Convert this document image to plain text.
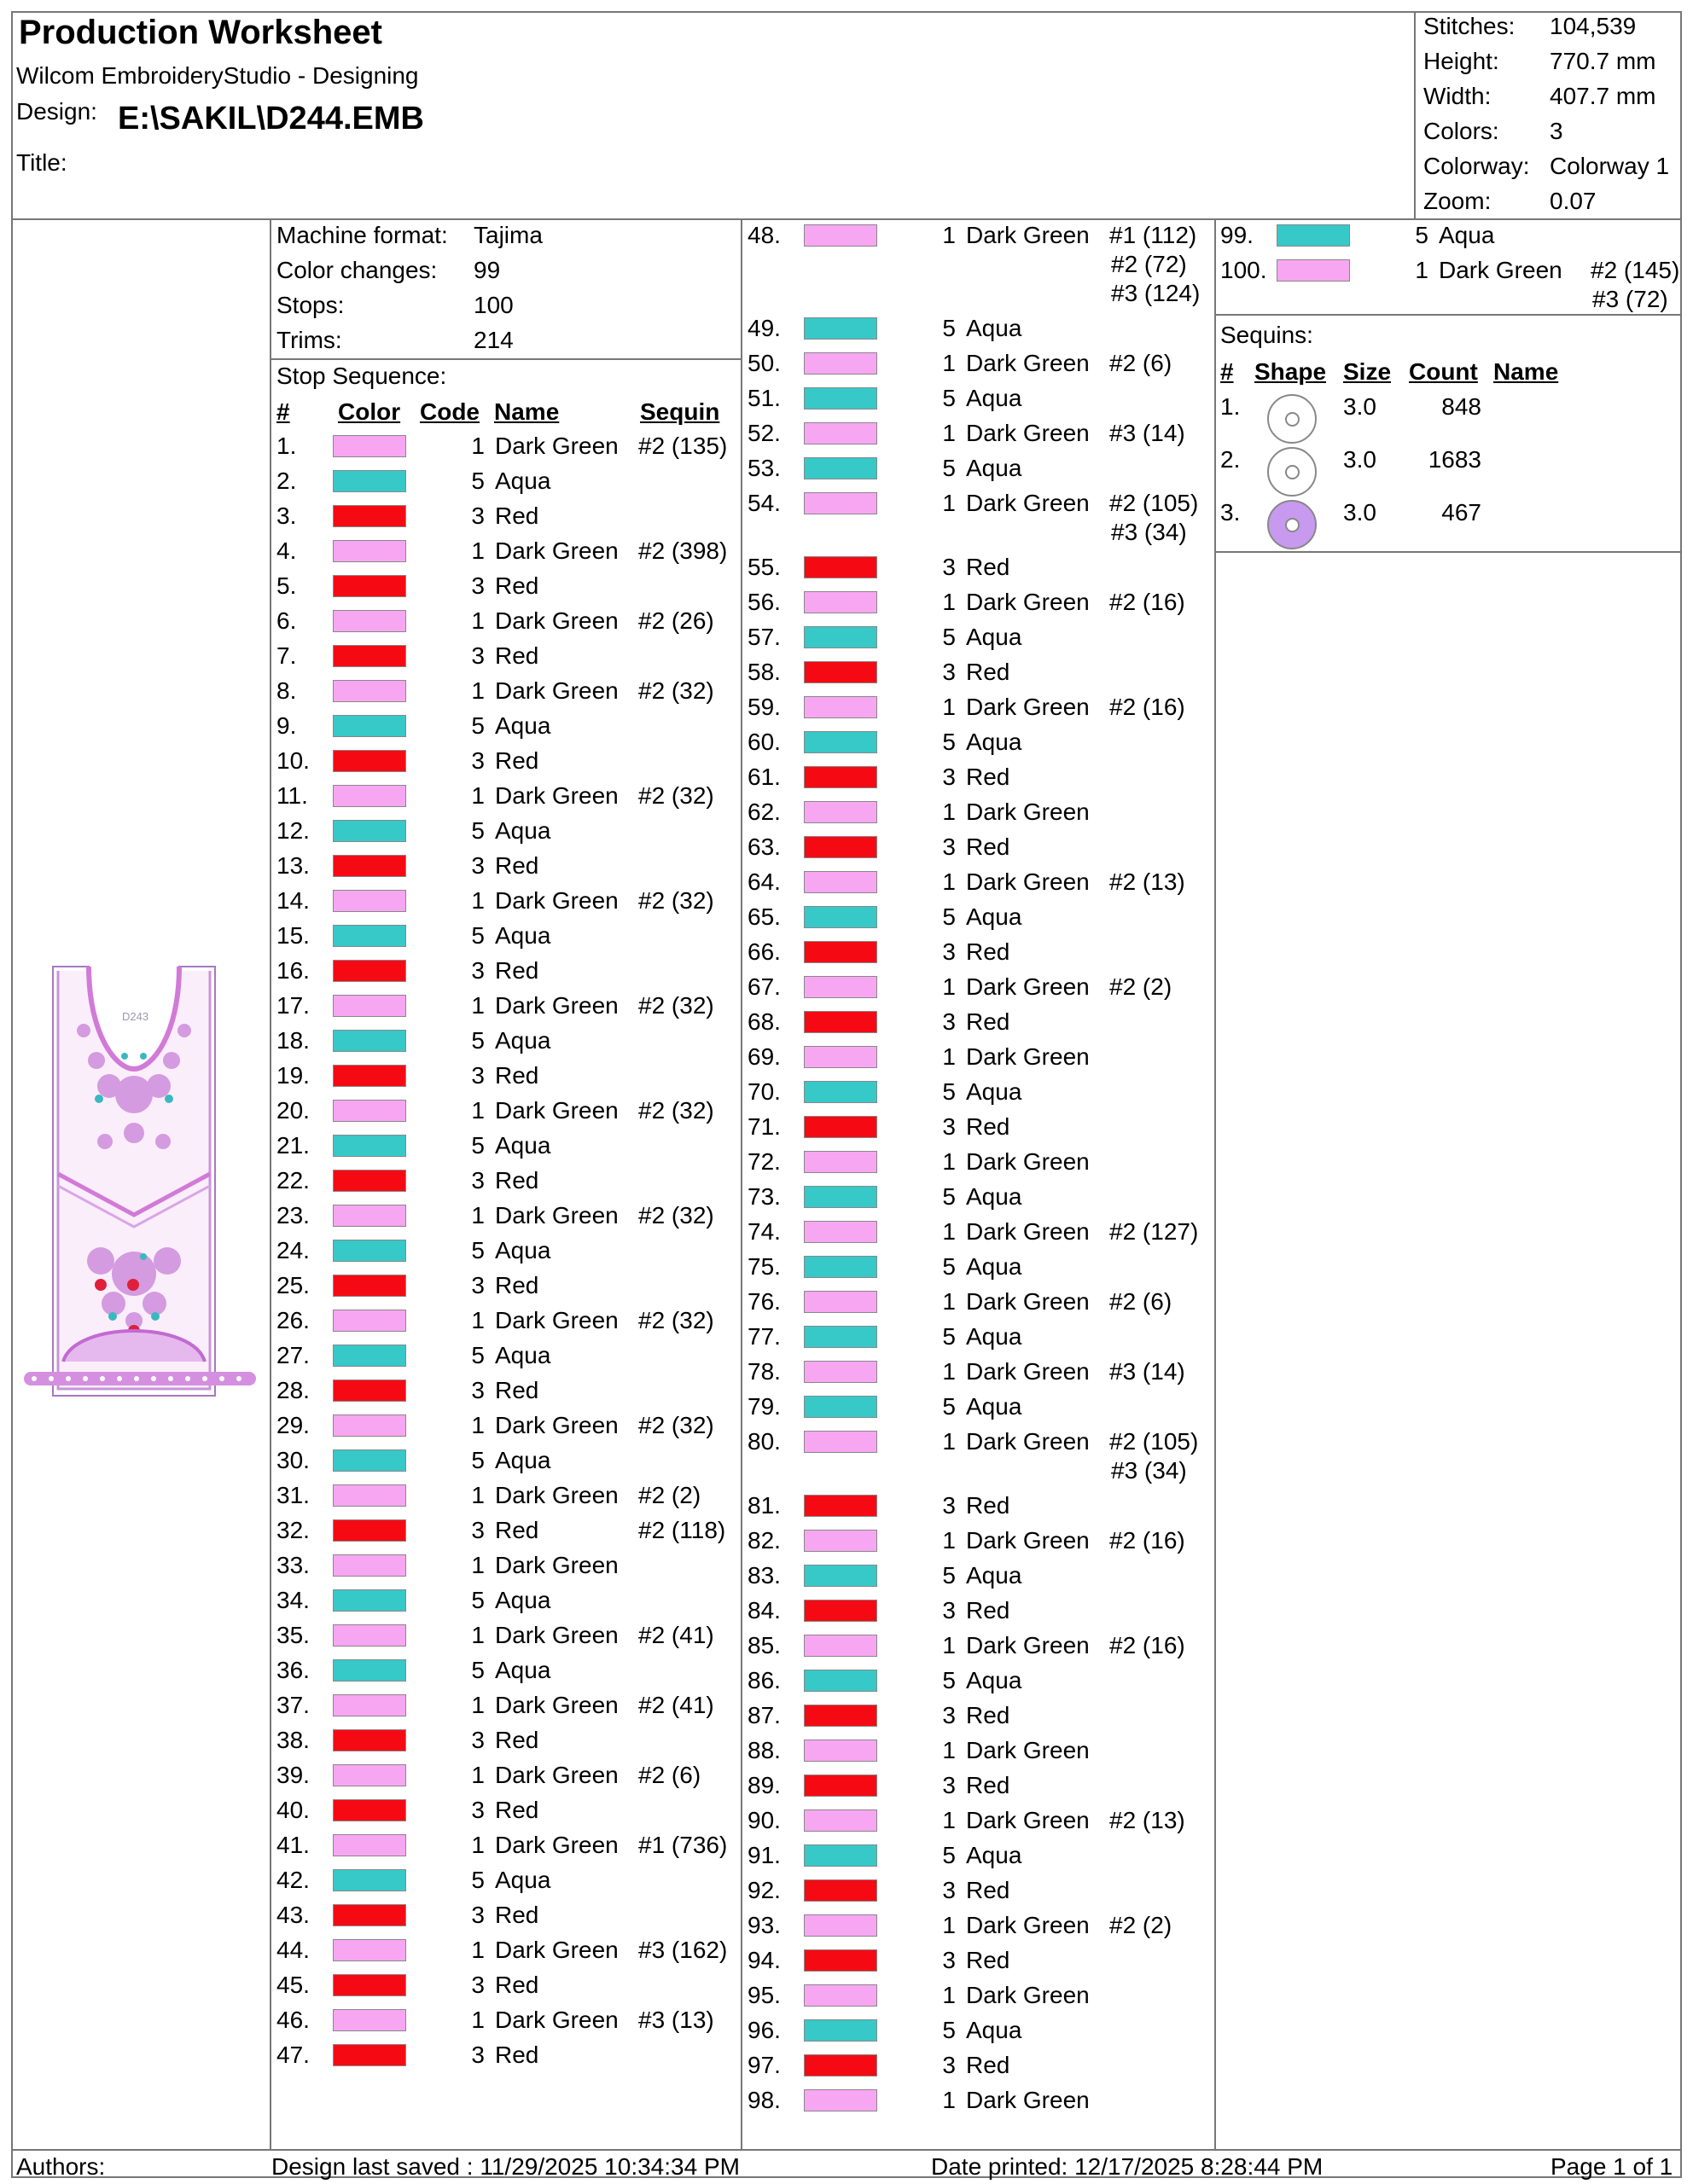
Production Worksheet
Wilcom EmbroideryStudio - Designing
Design: E:\SAKIL\D244.EMB
Title:
Stitches: 104,539
Height: 770.7 mm
Width: 407.7 mm
Colors: 3
Colorway: Colorway 1
Zoom: 0.07
Machine format: Tajima
Color changes: 99
Stops:	100
Trims:	214
Stop Sequence:
# Color Code Name	Sequin
1.	1 Dark Green #2 (135)
2.	5 Aqua
3.	3 Red
4.	1 Dark Green #2 (398)
5.	3 Red
6.	1 Dark Green #2 (26)
7.	3 Red
8.	1 Dark Green #2 (32)
9.	5 Aqua
10.	3 Red
11.	1 Dark Green #2 (32)
12.	5 Aqua
13.	3 Red
14.	1 Dark Green #2 (32)
15.	5 Aqua
16.	3 Red
17.	1 Dark Green #2 (32)
18.	5 Aqua
19.	3 Red
20.	1 Dark Green #2 (32)
21.	5 Aqua
22.	3 Red
23.	1 Dark Green #2 (32)
24.	5 Aqua
25.	3 Red
26.	1 Dark Green #2 (32)
27.	5 Aqua
28.	3 Red
29.	1 Dark Green #2 (32)
30.	5 Aqua
31.	1 Dark Green #2 (2)
32.	3 Red	#2 (118)
33.	1 Dark Green
34.	5 Aqua
35.	1 Dark Green #2 (41)
36.	5 Aqua
37.	1 Dark Green #2 (41)
38.	3 Red
39.	1 Dark Green #2 (6)
40.	3 Red
41.	1 Dark Green #1 (736)
42.	5 Aqua
43.	3 Red
44.	1 Dark Green #3 (162)
45.	3 Red
46.	1 Dark Green #3 (13)
47.	3 Red
48.	1 Dark Green #1 (112)
#2 (72)
#3 (124)
49.	5 Aqua
50.	1 Dark Green #2 (6)
51.	5 Aqua
52.	1 Dark Green #3 (14)
53.	5 Aqua
54.	1 Dark Green #2 (105)
#3 (34)
55.	3 Red
56.	1 Dark Green #2 (16)
57.	5 Aqua
58.	3 Red
59.	1 Dark Green #2 (16)
60.	5 Aqua
61.	3 Red
62.	1 Dark Green
63.	3 Red
64.	1 Dark Green #2 (13)
65.	5 Aqua
66.	3 Red
67.	1 Dark Green #2 (2)
68.	3 Red
69.	1 Dark Green
70.	5 Aqua
71.	3 Red
72.	1 Dark Green
73.	5 Aqua
74.	1 Dark Green #2 (127)
75.	5 Aqua
76.	1 Dark Green #2 (6)
77.	5 Aqua
78.	1 Dark Green #3 (14)
79.	5 Aqua
80.	1 Dark Green #2 (105)
#3 (34)
81.	3 Red
82.	1 Dark Green #2 (16)
83.	5 Aqua
84.	3 Red
85.	1 Dark Green #2 (16)
86.	5 Aqua
87.	3 Red
88.	1 Dark Green
89.	3 Red
90.	1 Dark Green #2 (13)
91.	5 Aqua
92.	3 Red
93.	1 Dark Green #2 (2)
94.	3 Red
95.	1 Dark Green
96.	5 Aqua
97.	3 Red
98.	1 Dark Green
99.	5 Aqua
100.	1 Dark Green #2 (145)
#3 (72)
Sequins:
# Shape Size Count Name
1.	3.0	848
2.	3.0	1683
3.	3.0	467
D243
Authors:	Design last saved : 11/29/2025 10:34:34 PM	Date printed: 12/17/2025 8:28:44 PM	Page 1 of 1
